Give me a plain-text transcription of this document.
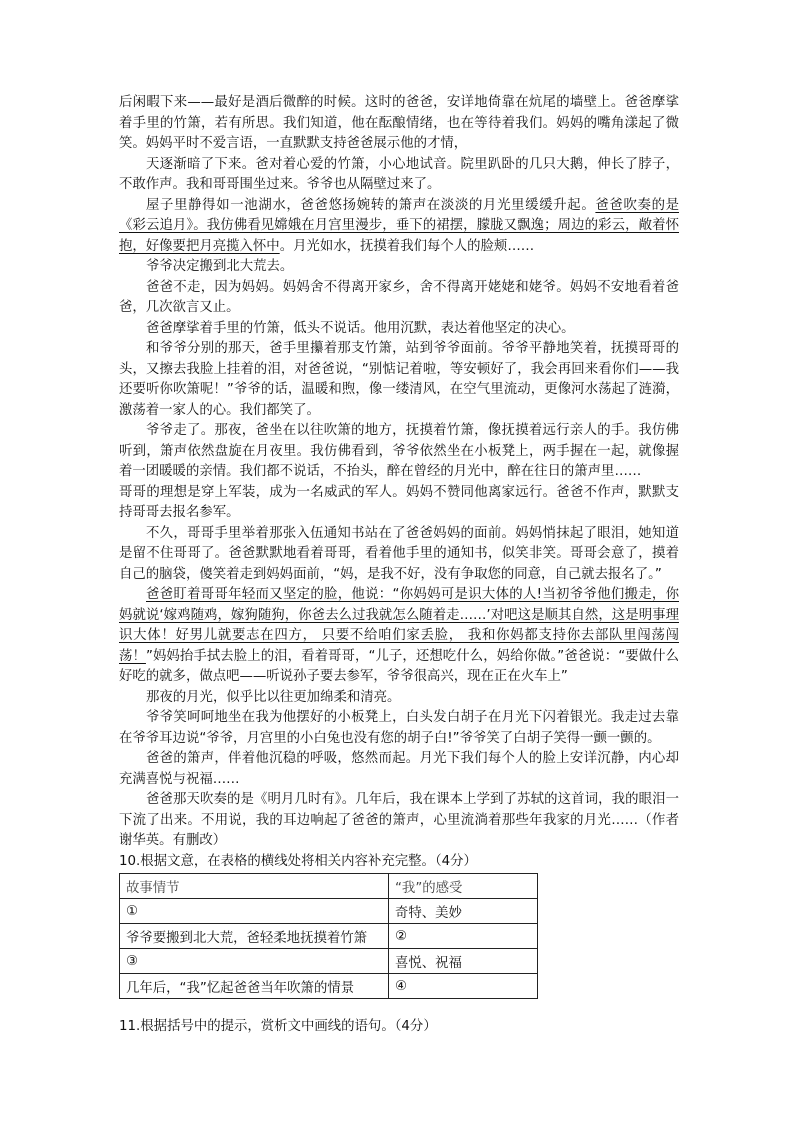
后闲暇下来——最好是酒后微醉的时候。这时的爸爸，安详地倚靠在炕尾的墙壁上。爸爸摩挲着手里的竹箫，若有所思。我们知道，他在酝酿情绪，也在等待着我们。妈妈的嘴角漾起了微笑。妈妈平时不爱言语，一直默默支持爸爸展示他的才情，

天逐渐暗了下来。爸对着心爱的竹箫，小心地试音。院里趴卧的几只大鹅，伸长了脖子，不敢作声。我和哥哥围坐过来。爷爷也从隔壁过来了。

屋子里静得如一池湖水，爸爸悠扬婉转的箫声在淡淡的月光里缓缓升起。爸爸吹奏的是《彩云追月》。我仿佛看见嫦娥在月宫里漫步，垂下的裙摆，朦胧又飘逸；周边的彩云，敞着怀抱，好像要把月亮揽入怀中。月光如水，抚摸着我们每个人的脸颊……

爷爷决定搬到北大荒去。

爸爸不走，因为妈妈。妈妈舍不得离开家乡，舍不得离开姥姥和姥爷。妈妈不安地看着爸爸，几次欲言又止。

爸爸摩挲着手里的竹箫，低头不说话。他用沉默，表达着他坚定的决心。

和爷爷分别的那天，爸手里攥着那支竹箫，站到爷爷面前。爷爷平静地笑着，抚摸哥哥的头，又擦去我脸上挂着的泪，对爸爸说，“别惦记着啦，等安顿好了，我会再回来看你们——我还要听你吹箫呢！”爷爷的话，温暖和煦，像一缕清风，在空气里流动，更像河水荡起了涟漪，激荡着一家人的心。我们都笑了。

爷爷走了。那夜，爸坐在以往吹箫的地方，抚摸着竹箫，像抚摸着远行亲人的手。我仿佛听到，箫声依然盘旋在月夜里。我仿佛看到，爷爷依然坐在小板凳上，两手握在一起，就像握着一团暖暖的亲情。我们都不说话，不抬头，醉在曾经的月光中，醉在往日的箫声里……

哥哥的理想是穿上军装，成为一名威武的军人。妈妈不赞同他离家远行。爸爸不作声，默默支持哥哥去报名参军。

不久，哥哥手里举着那张入伍通知书站在了爸爸妈妈的面前。妈妈悄抹起了眼泪，她知道是留不住哥哥了。爸爸默默地看着哥哥，看着他手里的通知书，似笑非笑。哥哥会意了，摸着自己的脑袋，傻笑着走到妈妈面前，“妈，是我不好，没有争取您的同意，自己就去报名了。”

爸爸盯着哥哥年轻而又坚定的脸，他说：“你妈妈可是识大体的人!当初爷爷他们搬走，你妈就说‘嫁鸡随鸡，嫁狗随狗，你爸去么过我就怎么随着走……’对吧这是顺其自然，这是明事理识大体！好男儿就要志在四方， 只要不给咱们家丢脸， 我和你妈都支持你去部队里闯荡闯荡！”妈妈抬手拭去脸上的泪，看着哥哥，“儿子，还想吃什么，妈给你做。”爸爸说：“要做什么好吃的就多，做点吧——听说孙子要去参军，爷爷很高兴，现在正在火车上”

那夜的月光，似乎比以往更加绵柔和清亮。

爷爷笑呵呵地坐在我为他摆好的小板凳上，白头发白胡子在月光下闪着银光。我走过去靠在爷爷耳边说“爷爷，月宫里的小白兔也没有您的胡子白!”爷爷笑了白胡子笑得一颤一颤的。

爸爸的箫声，伴着他沉稳的呼吸，悠然而起。月光下我们每个人的脸上安详沉静，内心却充满喜悦与祝福……

爸爸那天吹奏的是《明月几时有》。几年后，我在课本上学到了苏轼的这首词，我的眼泪一下流了出来。不用说，我的耳边响起了爸爸的箫声，心里流淌着那些年我家的月光……（作者谢华英。有删改）

10.根据文意，在表格的横线处将相关内容补充完整。（4分）

故事情节	“我”的感受
①	奇特、美妙
爷爷要搬到北大荒，爸轻柔地抚摸着竹箫	②
③	喜悦、祝福
几年后，“我”忆起爸爸当年吹箫的情景	④

11.根据括号中的提示，赏析文中画线的语句。（4分）
